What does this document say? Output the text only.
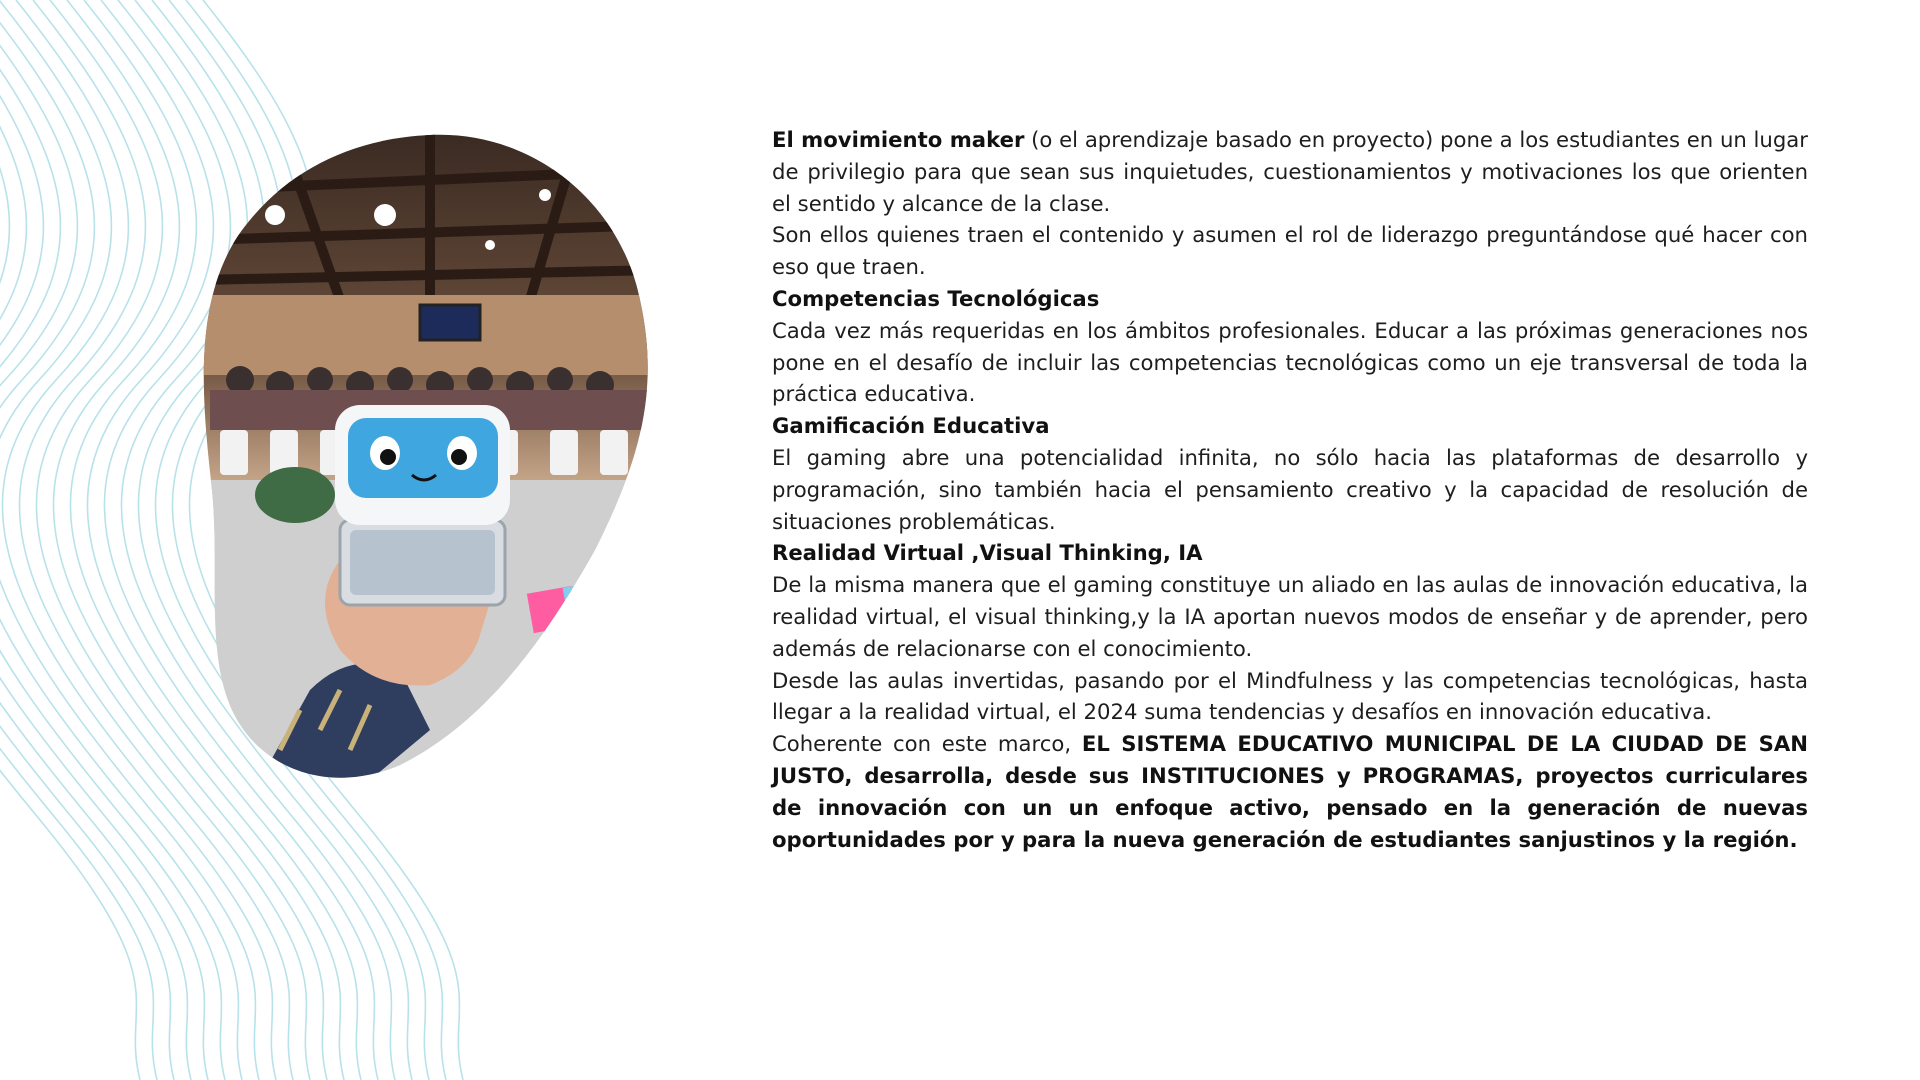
El movimiento maker (o el aprendizaje basado en proyecto) pone a los estudiantes en un lugar de privilegio para que sean sus inquietudes, cuestionamientos y motivaciones los que orienten el sentido y alcance de la clase.

Son ellos quienes traen el contenido y asumen el rol de liderazgo preguntándose qué hacer con eso que traen.

Competencias Tecnológicas

Cada vez más requeridas en los ámbitos profesionales. Educar a las próximas generaciones nos pone en el desafío de incluir las competencias tecnológicas como un eje transversal de toda la práctica educativa.

Gamificación Educativa

El gaming abre una potencialidad infinita, no sólo hacia las plataformas de desarrollo y programación, sino también hacia el pensamiento creativo y la capacidad de resolución de situaciones problemáticas.

Realidad Virtual ,Visual Thinking, IA

De la misma manera que el gaming constituye un aliado en las aulas de innovación educativa, la realidad virtual, el visual thinking,y la IA aportan nuevos modos de enseñar y de aprender, pero además de relacionarse con el conocimiento.

Desde las aulas invertidas, pasando por el Mindfulness y las competencias tecnológicas, hasta llegar a la realidad virtual, el 2024 suma tendencias y desafíos en innovación educativa.

Coherente con este marco, EL SISTEMA EDUCATIVO MUNICIPAL DE LA CIUDAD DE SAN JUSTO, desarrolla, desde sus INSTITUCIONES y PROGRAMAS, proyectos curriculares de innovación con un un enfoque activo, pensado en la generación de nuevas oportunidades por y para la nueva generación de estudiantes sanjustinos y la región.
